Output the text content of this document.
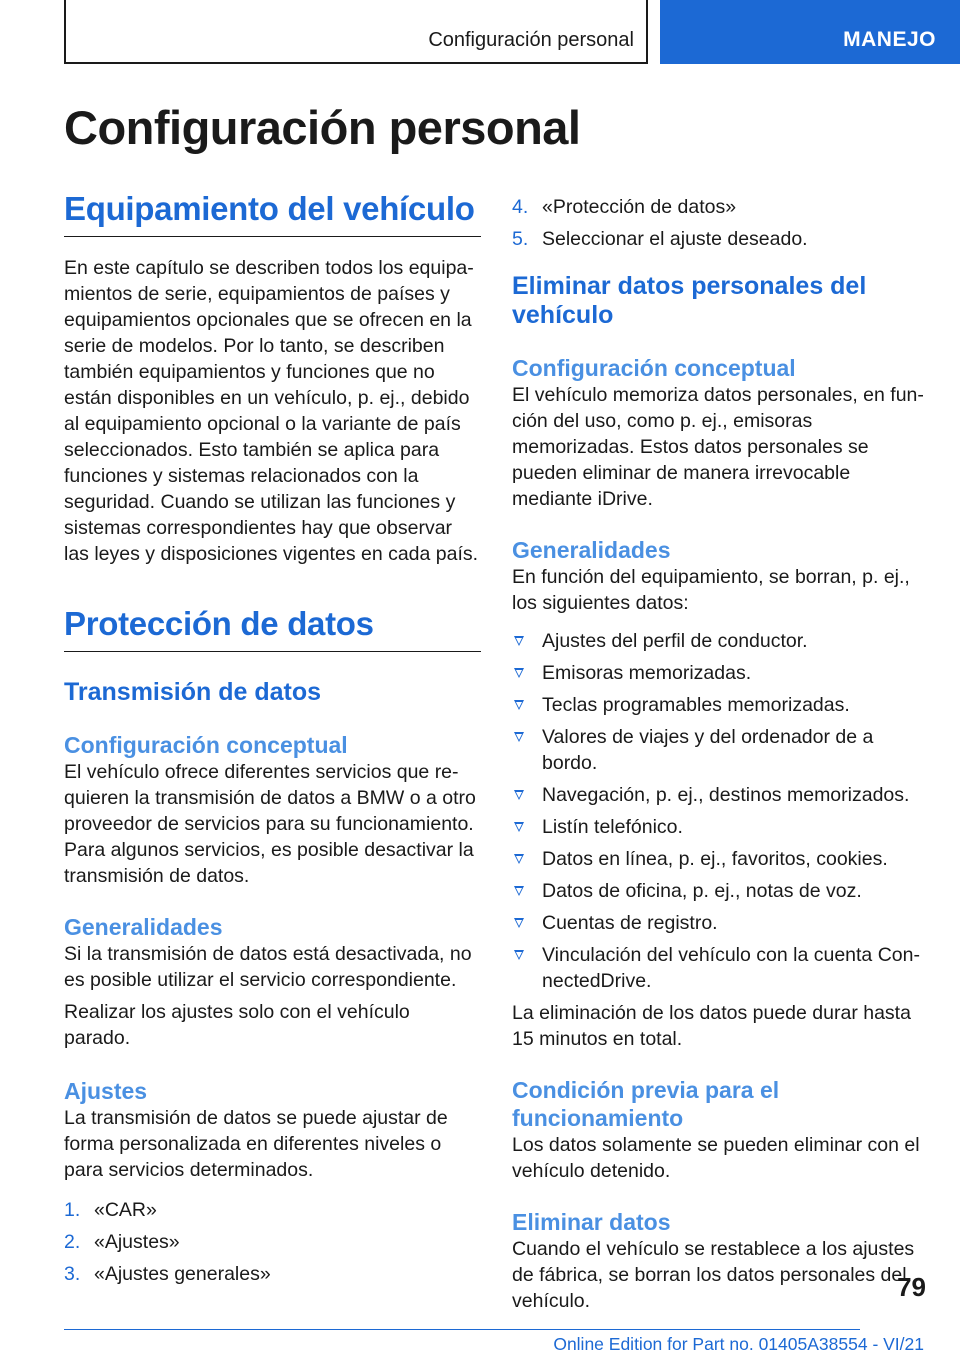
Configuración personal	MANEJO
Configuración personal
Equipamiento del vehículo

En este capítulo se describen todos los equipamientos de serie, equipamientos de países y equipamientos opcionales que se ofrecen en la serie de modelos. Por lo tanto, se describen también equipamientos y funciones que no están disponibles en un vehículo, p. ej., debido al equipamiento opcional o la variante de país seleccionados. Esto también se aplica para funciones y sistemas relacionados con la seguridad. Cuando se utilizan las funciones y sistemas correspondientes hay que observar las leyes y disposiciones vigentes en cada país.

Protección de datos
Transmisión de datos
Configuración conceptual

El vehículo ofrece diferentes servicios que requieren la transmisión de datos a BMW o a otro proveedor de servicios para su funcionamiento. Para algunos servicios, es posible desactivar la transmisión de datos.

Generalidades

Si la transmisión de datos está desactivada, no es posible utilizar el servicio correspondiente.

Realizar los ajustes solo con el vehículo parado.

Ajustes

La transmisión de datos se puede ajustar de forma personalizada en diferentes niveles o para servicios determinados.

1. «CAR»
2. «Ajustes»
3. «Ajustes generales»
4. «Protección de datos»
5. Seleccionar el ajuste deseado.
Eliminar datos personales del vehículo
Configuración conceptual

El vehículo memoriza datos personales, en función del uso, como p. ej., emisoras memorizadas. Estos datos personales se pueden eliminar de manera irrevocable mediante iDrive.

Generalidades

En función del equipamiento, se borran, p. ej., los siguientes datos:

Ajustes del perfil de conductor.
Emisoras memorizadas.
Teclas programables memorizadas.
Valores de viajes y del ordenador de a bordo.
Navegación, p. ej., destinos memorizados.
Listín telefónico.
Datos en línea, p. ej., favoritos, cookies.
Datos de oficina, p. ej., notas de voz.
Cuentas de registro.
Vinculación del vehículo con la cuenta ConnectedDrive.

La eliminación de los datos puede durar hasta 15 minutos en total.

Condición previa para el funcionamiento

Los datos solamente se pueden eliminar con el vehículo detenido.

Eliminar datos

Cuando el vehículo se restablece a los ajustes de fábrica, se borran los datos personales del vehículo.	79
Online Edition for Part no. 01405A38554 - VI/21
